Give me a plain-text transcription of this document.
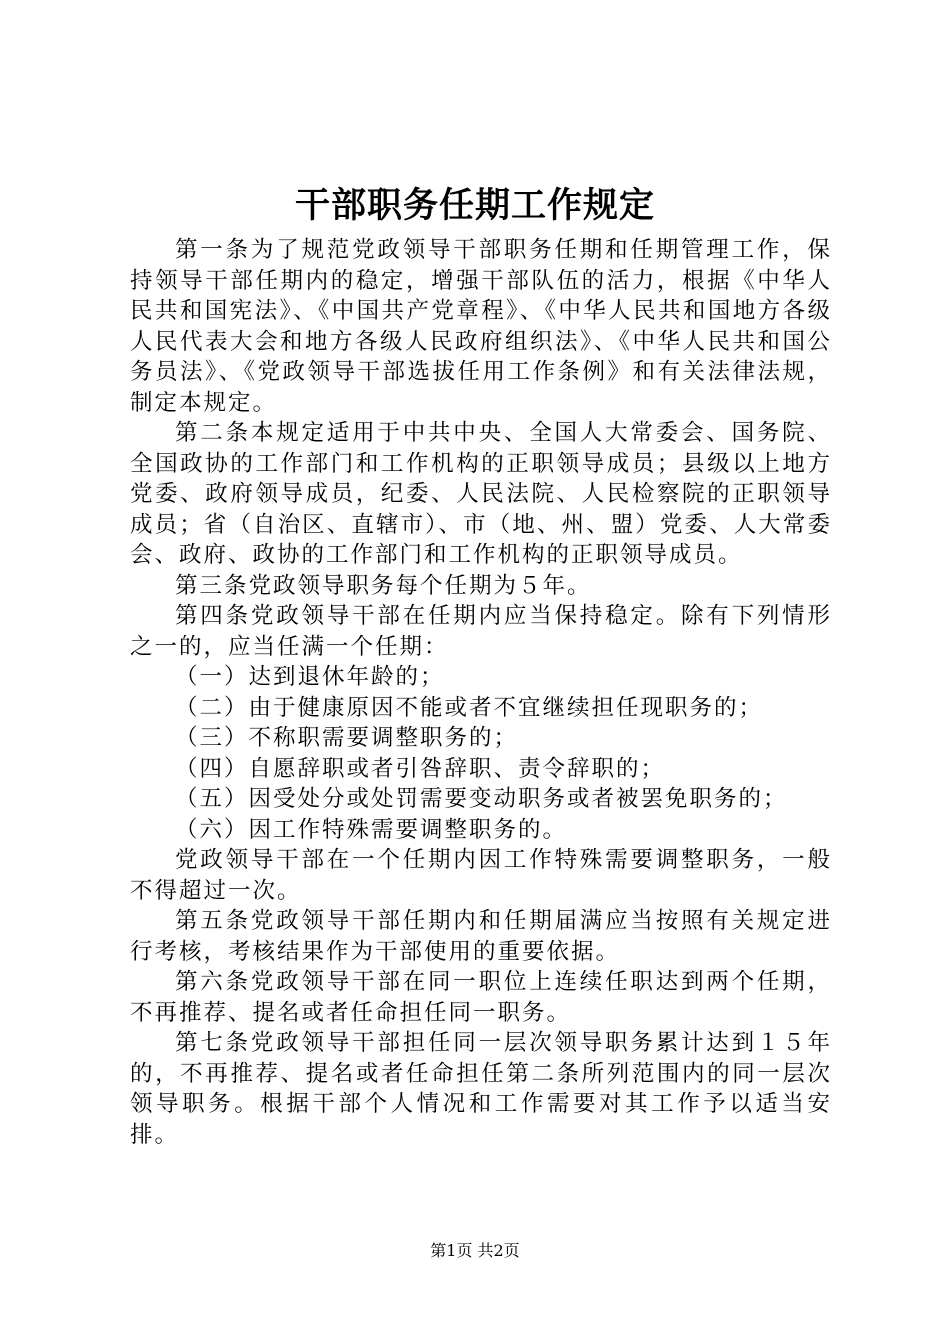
干部职务任期工作规定

第一条为了规范党政领导干部职务任期和任期管理工作，保持领导干部任期内的稳定，增强干部队伍的活力，根据《中华人民共和国宪法》、《中国共产党章程》、《中华人民共和国地方各级人民代表大会和地方各级人民政府组织法》、《中华人民共和国公务员法》、《党政领导干部选拔任用工作条例》和有关法律法规，制定本规定。

第二条本规定适用于中共中央、全国人大常委会、国务院、全国政协的工作部门和工作机构的正职领导成员；县级以上地方党委、政府领导成员，纪委、人民法院、人民检察院的正职领导成员；省（自治区、直辖市）、市（地、州、盟）党委、人大常委会、政府、政协的工作部门和工作机构的正职领导成员。

第三条党政领导职务每个任期为５年。

第四条党政领导干部在任期内应当保持稳定。除有下列情形之一的，应当任满一个任期：

（一）达到退休年龄的；

（二）由于健康原因不能或者不宜继续担任现职务的；

（三）不称职需要调整职务的；

（四）自愿辞职或者引咎辞职、责令辞职的；

（五）因受处分或处罚需要变动职务或者被罢免职务的；

（六）因工作特殊需要调整职务的。

党政领导干部在一个任期内因工作特殊需要调整职务，一般不得超过一次。

第五条党政领导干部任期内和任期届满应当按照有关规定进行考核，考核结果作为干部使用的重要依据。

第六条党政领导干部在同一职位上连续任职达到两个任期，不再推荐、提名或者任命担任同一职务。

第七条党政领导干部担任同一层次领导职务累计达到１５年的，不再推荐、提名或者任命担任第二条所列范围内的同一层次领导职务。根据干部个人情况和工作需要对其工作予以适当安排。

第1页 共2页
